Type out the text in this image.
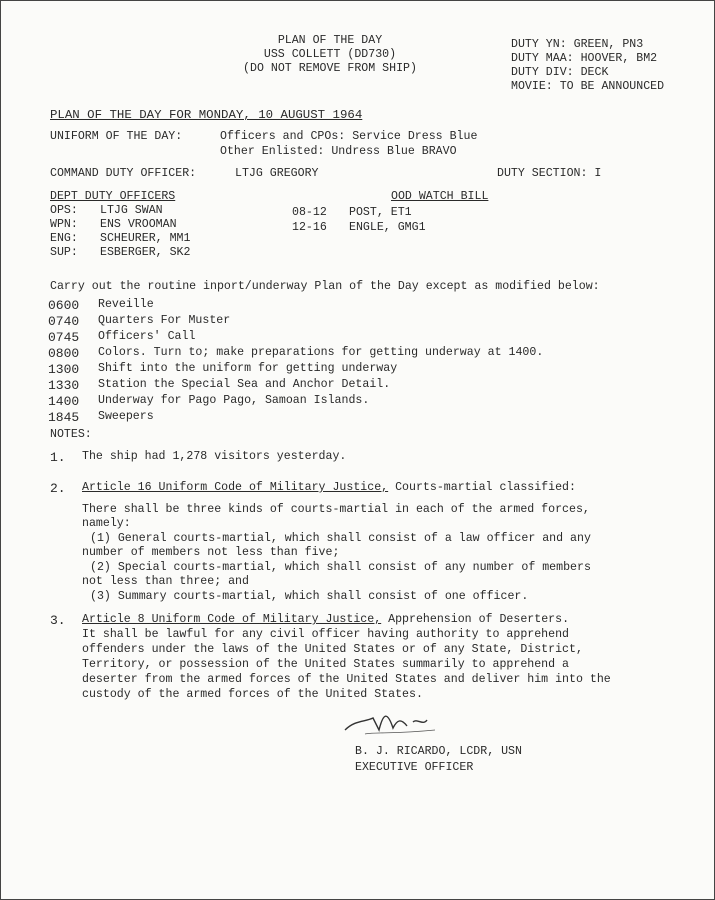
PLAN OF THE DAY
USS COLLETT (DD730)
(DO NOT REMOVE FROM SHIP)
DUTY YN: GREEN, PN3
DUTY MAA: HOOVER, BM2
DUTY DIV: DECK
MOVIE: TO BE ANNOUNCED
PLAN OF THE DAY FOR MONDAY, 10 AUGUST 1964
UNIFORM OF THE DAY:	Officers and CPOs: Service Dress Blue
Other Enlisted: Undress Blue BRAVO
COMMAND DUTY OFFICER:	LTJG GREGORY	DUTY SECTION: I
DEPT DUTY OFFICERS
OPS: LTJG SWAN
WPN: ENS VROOMAN
ENG: SCHEURER, MM1
SUP: ESBERGER, SK2
OOD WATCH BILL
08-12 POST, ET1
12-16 ENGLE, GMG1
Carry out the routine inport/underway Plan of the Day except as modified below:
0600 Reveille
0740 Quarters For Muster
0745 Officers' Call
0800 Colors. Turn to; make preparations for getting underway at 1400.
1300 Shift into the uniform for getting underway
1330 Station the Special Sea and Anchor Detail.
1400 Underway for Pago Pago, Samoan Islands.
1845 Sweepers
NOTES:
1. The ship had 1,278 visitors yesterday.
2. Article 16 Uniform Code of Military Justice, Courts-martial classified:
There shall be three kinds of courts-martial in each of the armed forces,
namely:
(1) General courts-martial, which shall consist of a law officer and any
number of members not less than five;
(2) Special courts-martial, which shall consist of any number of members
not less than three; and
(3) Summary courts-martial, which shall consist of one officer.
3. Article 8 Uniform Code of Military Justice, Apprehension of Deserters.
It shall be lawful for any civil officer having authority to apprehend
offenders under the laws of the United States or of any State, District,
Territory, or possession of the United States summarily to apprehend a
deserter from the armed forces of the United States and deliver him into the
custody of the armed forces of the United States.
B. J. RICARDO, LCDR, USN
EXECUTIVE OFFICER
